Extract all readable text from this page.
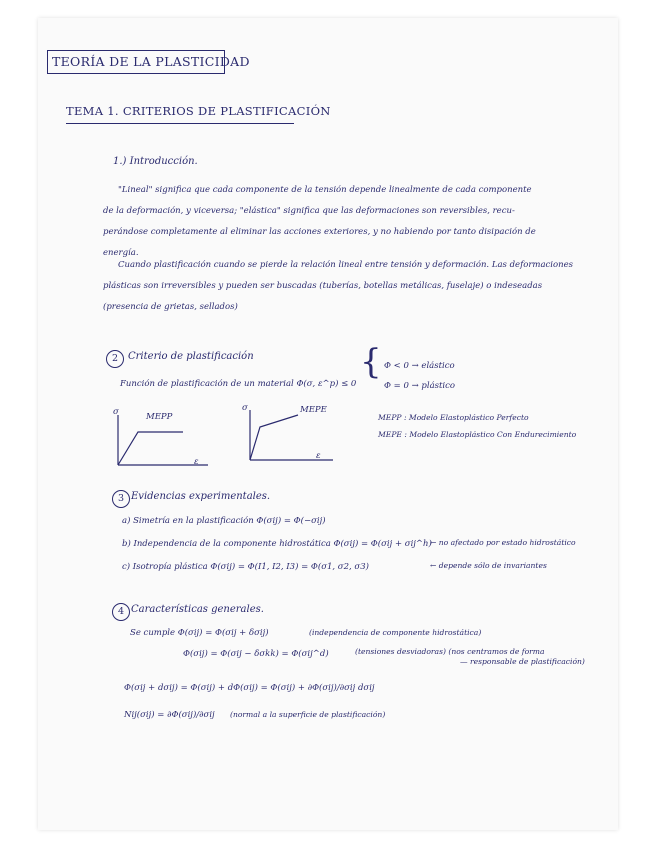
TEORÍA DE LA PLASTICIDAD
TEMA 1. CRITERIOS DE PLASTIFICACIÓN
1.) Introducción.
"Lineal" significa que cada componente de la tensión depende linealmente de cada componente
de la deformación, y viceversa; "elástica" significa que las deformaciones son reversibles, recu-
perándose completamente al eliminar las acciones exteriores, y no habiendo por tanto disipación de
energía.
Cuando plastificación cuando se pierde la relación lineal entre tensión y deformación. Las deformaciones
plásticas son irreversibles y pueden ser buscadas (tuberías, botellas metálicas, fuselaje) o indeseadas
(presencia de grietas, sellados)
2 Criterio de plastificación
Función de plastificación de un material Φ(σ, ε^p) ≤ 0
{ Φ < 0 → elástico
Φ = 0 → plástico
σ	MEPP
ε
σ	MEPE
ε
MEPP : Modelo Elastoplástico Perfecto
MEPE : Modelo Elastoplástico Con Endurecimiento
3 Evidencias experimentales.
a) Simetría en la plastificación Φ(σij) = Φ(−σij)
b) Independencia de la componente hidrostática Φ(σij) = Φ(σij + σij^h)
← no afectado por estado hidrostático
c) Isotropía plástica Φ(σij) = Φ(I1, I2, I3) = Φ(σ1, σ2, σ3)	← depende sólo de invariantes
4 Características generales.
Se cumple Φ(σij) = Φ(σij + δσij)	(independencia de componente hidrostática)
Φ(σij) = Φ(σij − δσkk) = Φ(σij^d)	(tensiones desviadoras) (nos centramos de forma
— responsable de plastificación)
Φ(σij + dσij) = Φ(σij) + dΦ(σij) = Φ(σij) + ∂Φ(σij)/∂σij dσij
Nij(σij) = ∂Φ(σij)/∂σij (normal a la superficie de plastificación)
